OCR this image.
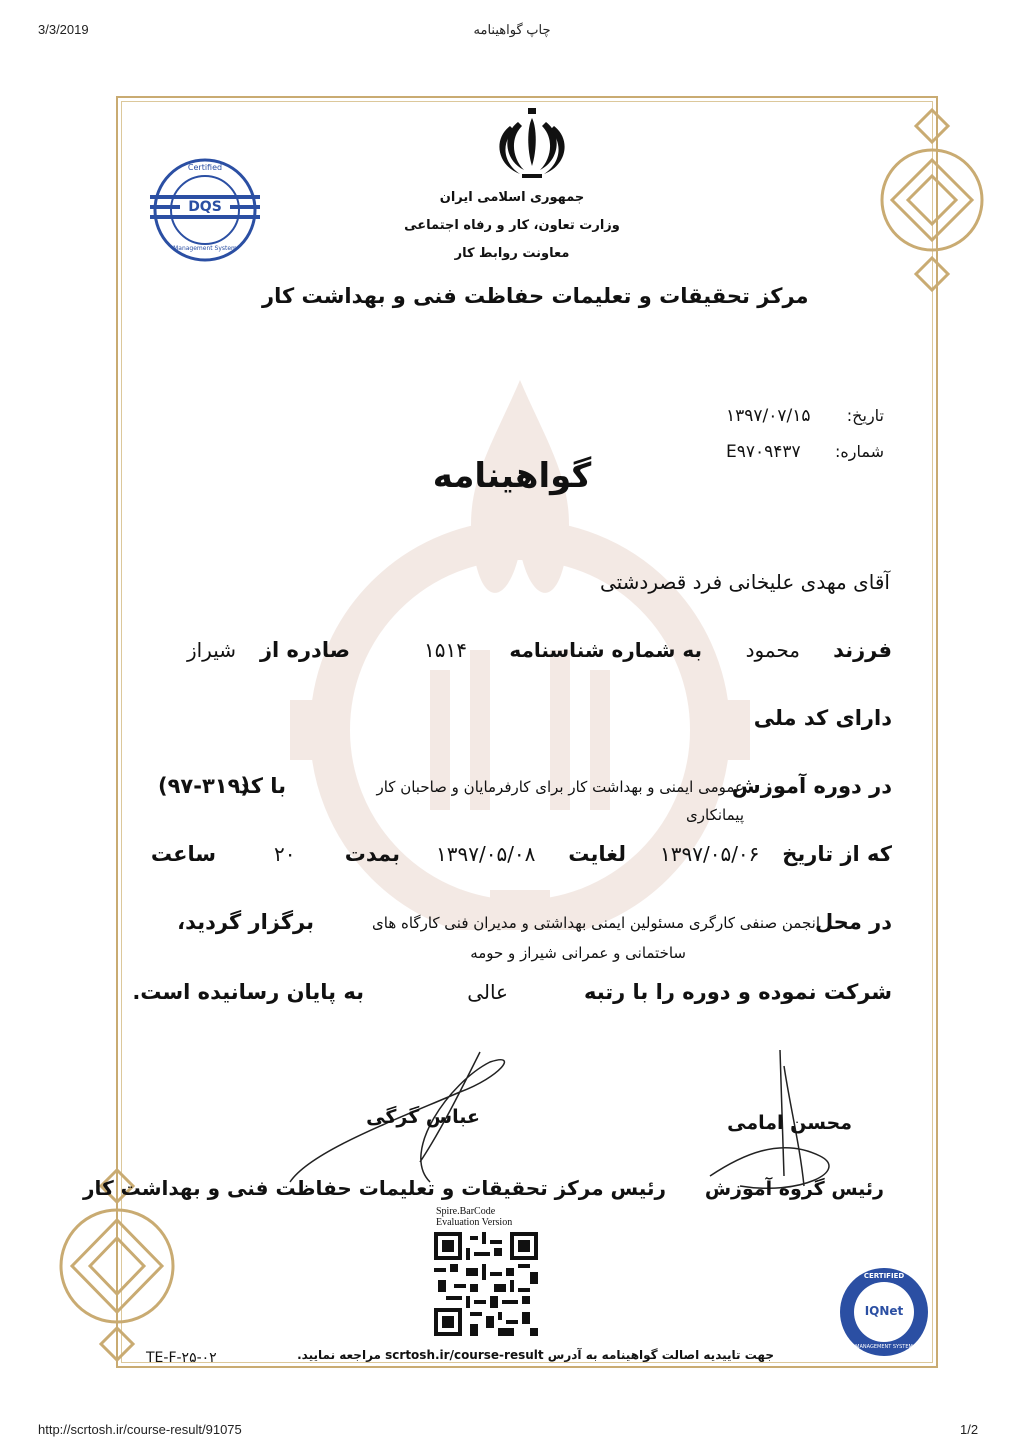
3/3/2019	چاپ گواهینامه
http://scrtosh.ir/course-result/91075	1/2
جمهوری اسلامی ایران
وزارت تعاون، کار و رفاه اجتماعی
معاونت روابط کار
مرکز تحقیقات و تعلیمات حفاظت فنی و بهداشت کار
DQS
Certified
Management System
تاریخ:
۱۳۹۷/۰۷/۱۵
شماره:
E۹۷۰۹۴۳۷
گواهینامه
آقای مهدی علیخانی فرد قصردشتی
فرزند
محمود
به شماره شناسنامه
۱۵۱۴
صادره از
شیراز
دارای کد ملی
در دوره آموزش
عمومی ایمنی و بهداشت کار برای کارفرمایان و صاحبان کار
پیمانکاری
با کد
(۹۷-۳۱۹)
که از تاریخ
۱۳۹۷/۰۵/۰۶
لغایت
۱۳۹۷/۰۵/۰۸
بمدت
۲۰
ساعت
در محل
انجمن صنفی کارگری مسئولین ایمنی بهداشتی و مدیران فنی کارگاه های
ساختمانی و عمرانی شیراز و حومه
برگزار گردید،
شرکت نموده و دوره را با رتبه
عالی
به پایان رسانیده است.
محسن امامی
رئیس گروه آموزش
عباس گرگی
رئیس مرکز تحقیقات و تعلیمات حفاظت فنی و بهداشت کار
Spire.BarCode
Evaluation Version
IQNet
CERTIFIED
MANAGEMENT SYSTEM
TE-F-۲۵-۰۲	جهت تاییدیه اصالت گواهینامه به آدرس scrtosh.ir/course-result مراجعه نمایید.
